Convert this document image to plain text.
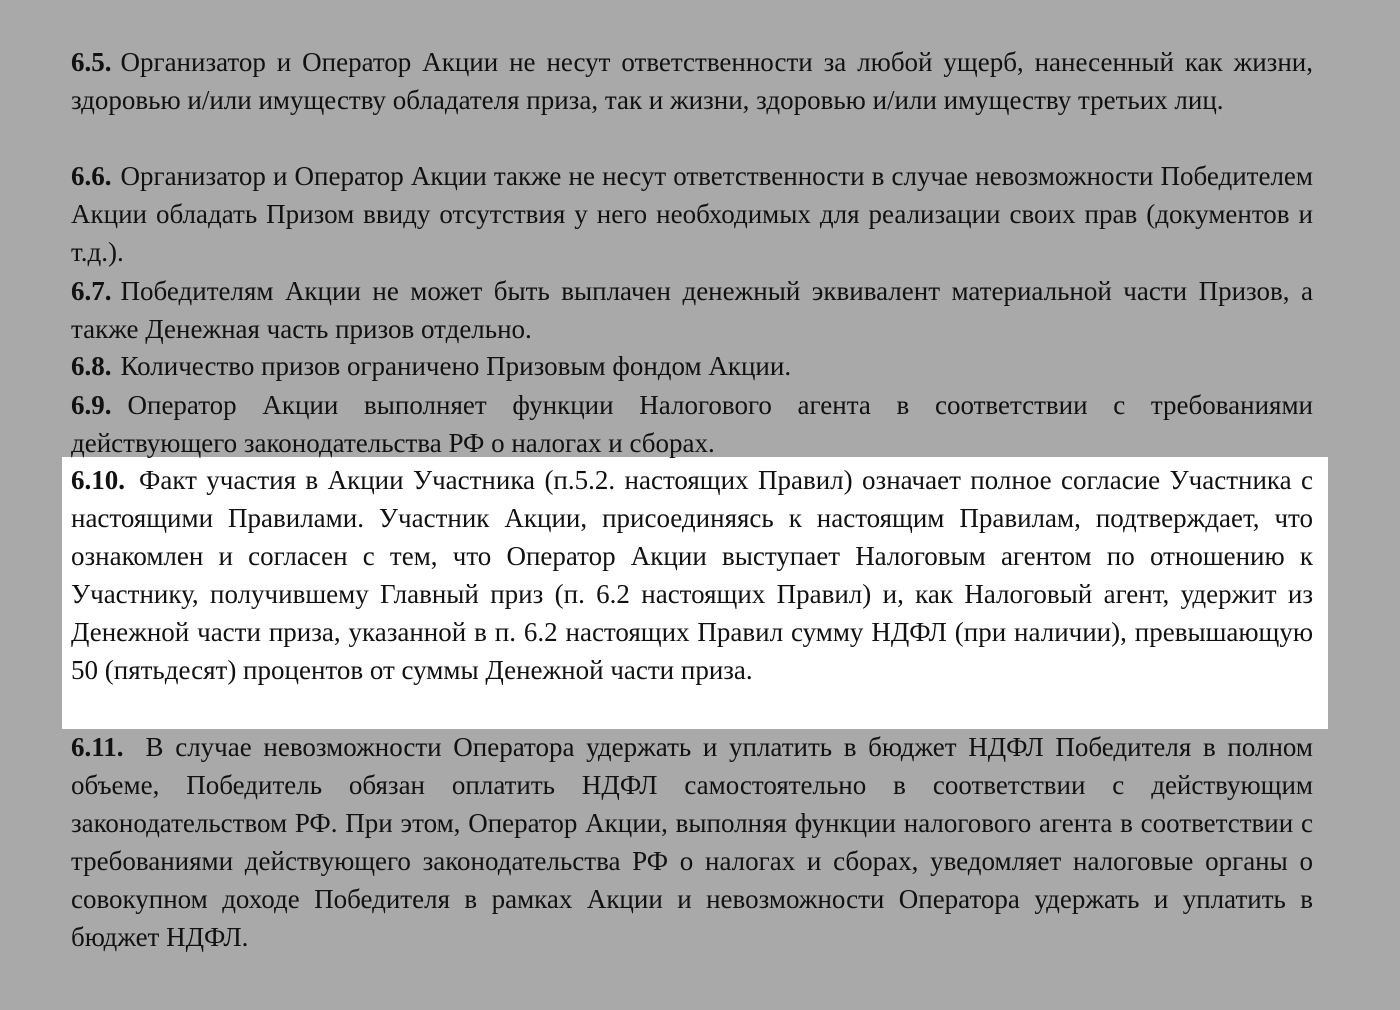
6.5. Организатор и Оператор Акции не несут ответственности за любой ущерб, нанесенный как жизни, здоровью и/или имуществу обладателя приза, так и жизни, здоровью и/или имуществу третьих лиц.

6.6. Организатор и Оператор Акции также не несут ответственности в случае невозможности Победителем Акции обладать Призом ввиду отсутствия у него необходимых для реализации своих прав (документов и т.д.).

6.7. Победителям Акции не может быть выплачен денежный эквивалент материальной части Призов, а также Денежная часть призов отдельно.

6.8. Количество призов ограничено Призовым фондом Акции.

6.9. Оператор Акции выполняет функции Налогового агента в соответствии с требованиями действующего законодательства РФ о налогах и сборах.

6.10. Факт участия в Акции Участника (п.5.2. настоящих Правил) означает полное согласие Участника с настоящими Правилами. Участник Акции, присоединяясь к настоящим Правилам, подтверждает, что ознакомлен и согласен с тем, что Оператор Акции выступает Налоговым агентом по отношению к Участнику, получившему Главный приз (п. 6.2 настоящих Правил) и, как Налоговый агент, удержит из Денежной части приза, указанной в п. 6.2 настоящих Правил сумму НДФЛ (при наличии), превышающую 50 (пятьдесят) процентов от суммы Денежной части приза.

6.11. В случае невозможности Оператора удержать и уплатить в бюджет НДФЛ Победителя в полном объеме, Победитель обязан оплатить НДФЛ самостоятельно в соответствии с действующим законодательством РФ. При этом, Оператор Акции, выполняя функции налогового агента в соответствии с требованиями действующего законодательства РФ о налогах и сборах, уведомляет налоговые органы о совокупном доходе Победителя в рамках Акции и невозможности Оператора удержать и уплатить в бюджет НДФЛ.
